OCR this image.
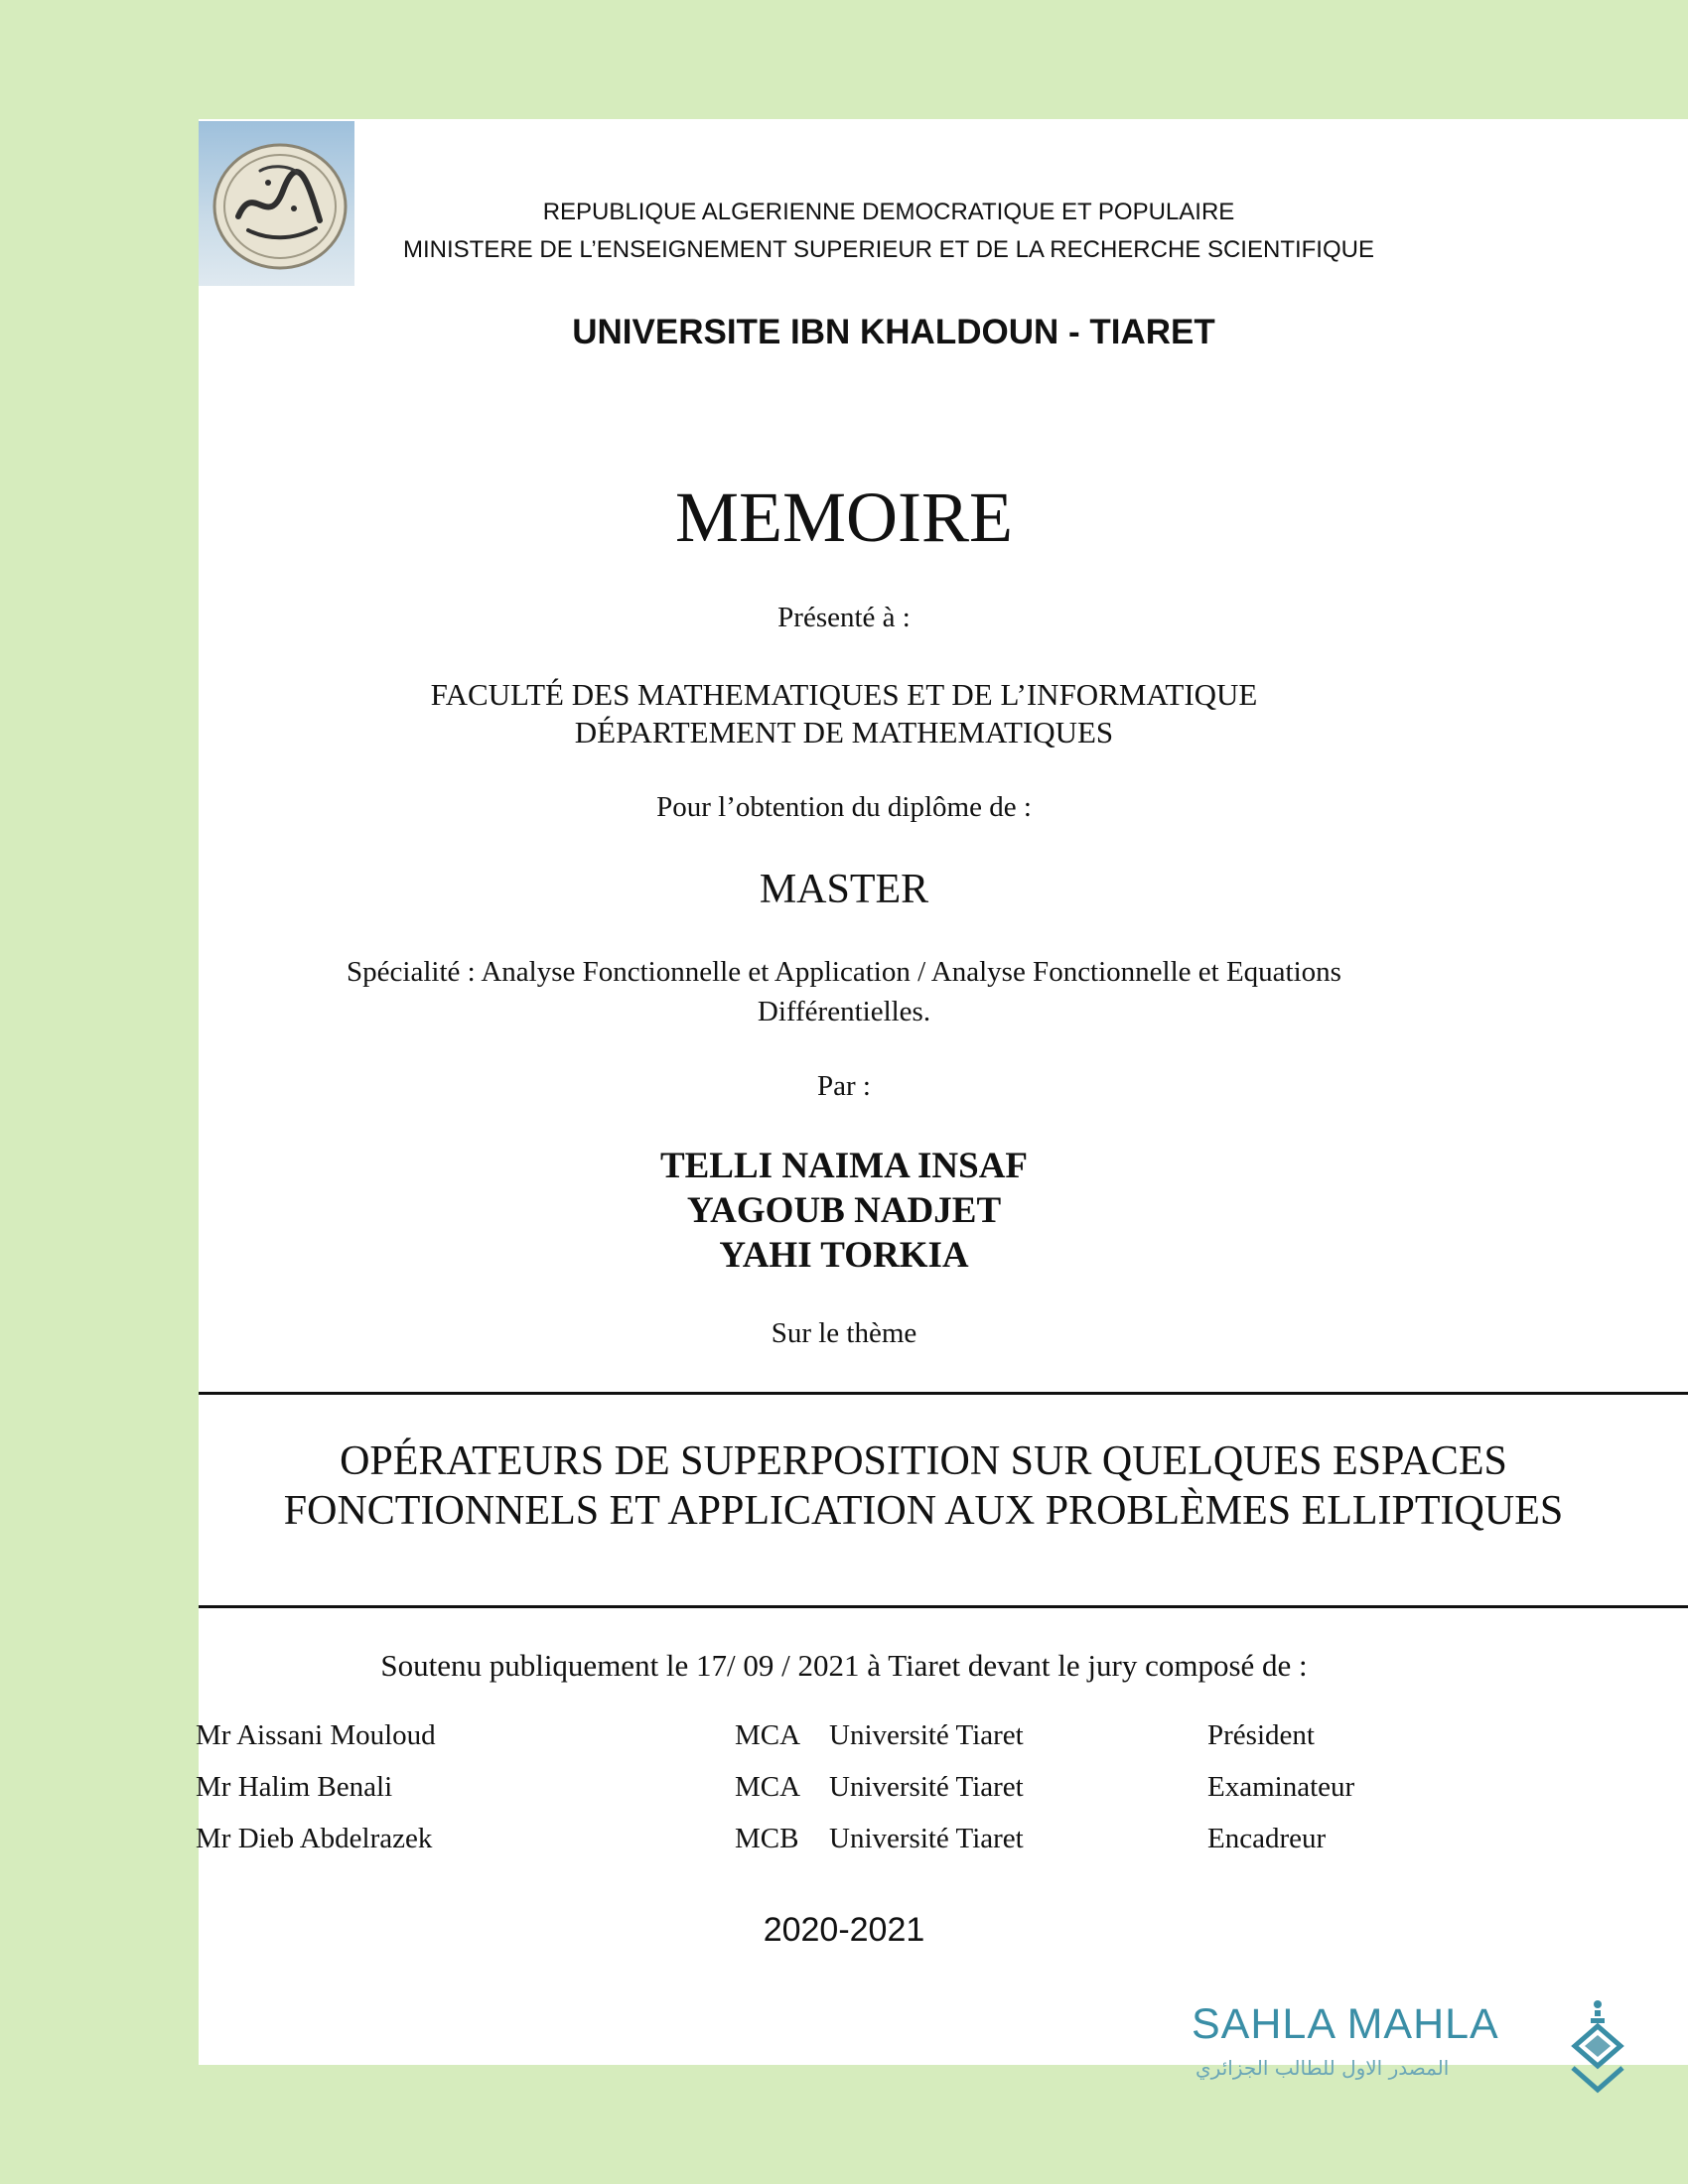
REPUBLIQUE ALGERIENNE DEMOCRATIQUE ET POPULAIRE

MINISTERE DE L’ENSEIGNEMENT SUPERIEUR ET DE LA RECHERCHE SCIENTIFIQUE

UNIVERSITE IBN KHALDOUN - TIARET

MEMOIRE

Présenté à :

FACULTÉ DES MATHEMATIQUES ET DE L’INFORMATIQUE

DÉPARTEMENT DE MATHEMATIQUES

Pour l’obtention du diplôme de :

MASTER

Spécialité : Analyse Fonctionnelle et Application / Analyse Fonctionnelle et Equations

Différentielles.

Par :

TELLI NAIMA INSAF

YAGOUB NADJET

YAHI TORKIA

Sur le thème

OPÉRATEURS DE SUPERPOSITION SUR QUELQUES ESPACES

FONCTIONNELS ET APPLICATION AUX PROBLÈMES ELLIPTIQUES

Soutenu publiquement le 17/ 09 / 2021 à Tiaret devant le jury composé de :

Mr Aissani Mouloud	MCA Université Tiaret	Président
Mr Halim Benali	MCA Université Tiaret	Examinateur
Mr Dieb Abdelrazek	MCB Université Tiaret	Encadreur

2020-2021

SAHLA MAHLA
المصدر الاول للطالب الجزائري
